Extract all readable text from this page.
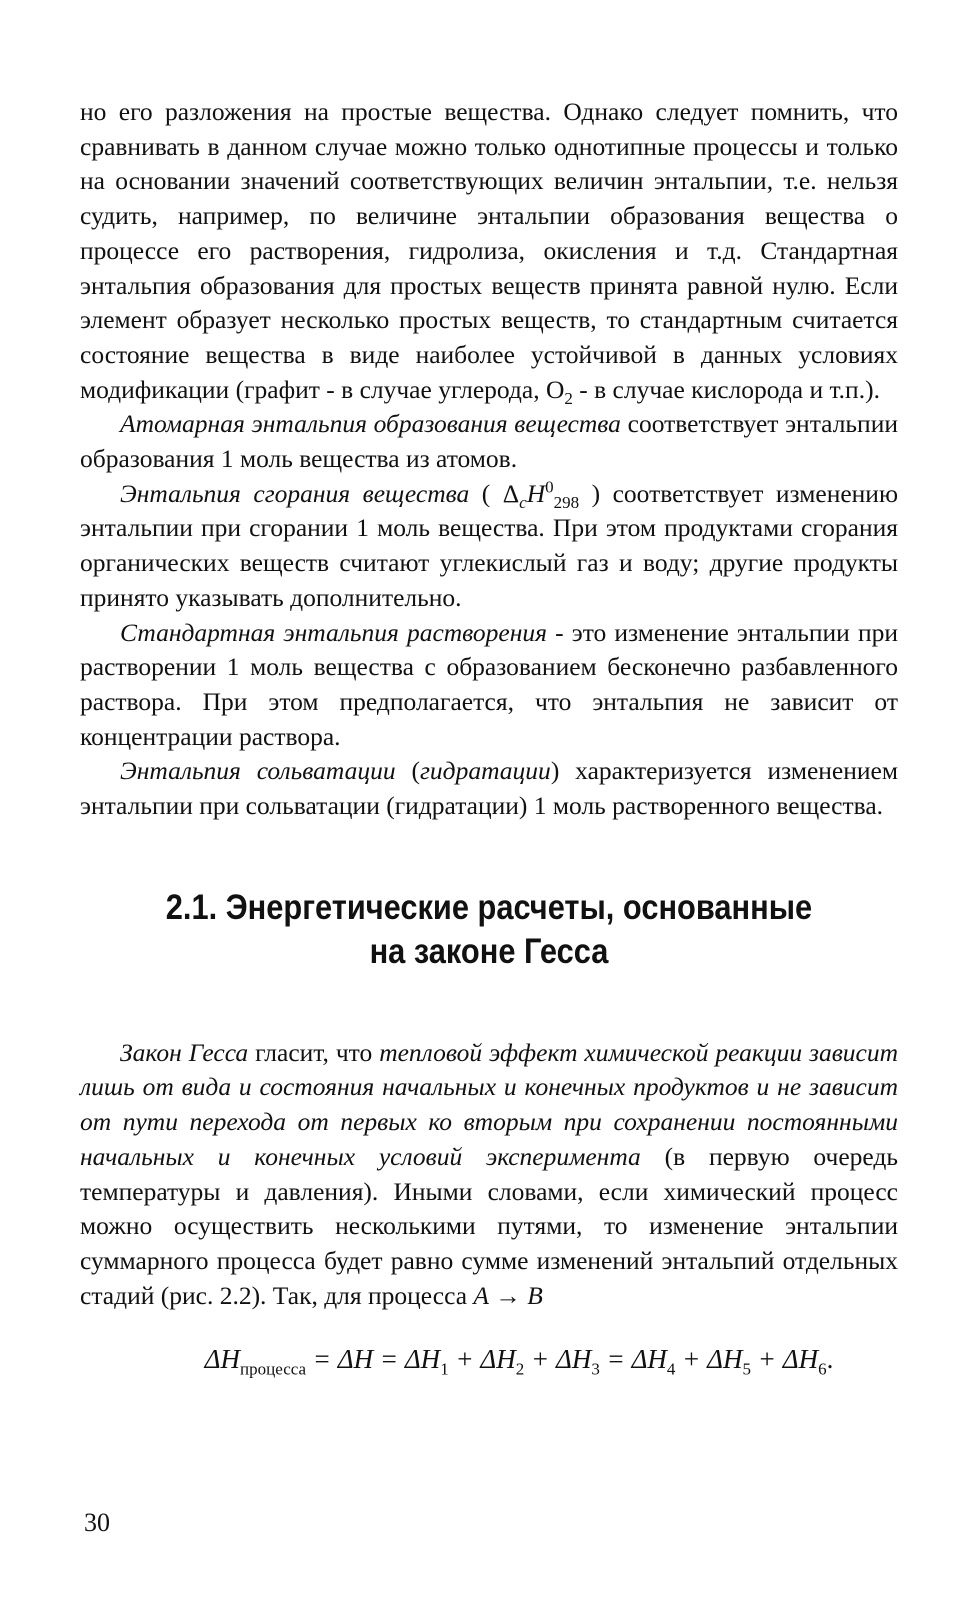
но его разложения на простые вещества. Однако следует помнить, что сравнивать в данном случае можно только однотипные процессы и только на основании значений соответствующих величин энтальпии, т.е. нельзя судить, например, по величине энтальпии образования вещества о процессе его растворения, гидролиза, окисления и т.д. Стандартная энтальпия образования для простых веществ принята равной нулю. Если элемент образует несколько простых веществ, то стандартным считается состояние вещества в виде наиболее устойчивой в данных условиях модификации (графит - в случае углерода, $O_2$ - в случае кислорода и т.п.).

Атомарная энтальпия образования вещества соответствует энтальпии образования 1 моль вещества из атомов.

Энтальпия сгорания вещества ( $\Delta_cH^0_{298}$ ) соответствует изменению энтальпии при сгорании 1 моль вещества. При этом продуктами сгорания органических веществ считают углекислый газ и воду; другие продукты принято указывать дополнительно.

Стандартная энтальпия растворения - это изменение энтальпии при растворении 1 моль вещества с образованием бесконечно разбавленного раствора. При этом предполагается, что энтальпия не зависит от концентрации раствора.

Энтальпия сольватации (гидратации) характеризуется изменением энтальпии при сольватации (гидратации) 1 моль растворенного вещества.

2.1. Энергетические расчеты, основанные
на законе Гесса

Закон Гесса гласит, что тепловой эффект химической реакции зависит лишь от вида и состояния начальных и конечных продуктов и не зависит от пути перехода от первых ко вторым при сохранении постоянными начальных и конечных условий эксперимента (в первую очередь температуры и давления). Иными словами, если химический процесс можно осуществить несколькими путями, то изменение энтальпии суммарного процесса будет равно сумме изменений энтальпий отдельных стадий (рис. 2.2). Так, для процесса A → B

$\Delta H_{процесса} = \Delta H = \Delta H_1 + \Delta H_2 + \Delta H_3 = \Delta H_4 + \Delta H_5 + \Delta H_6$.
30
